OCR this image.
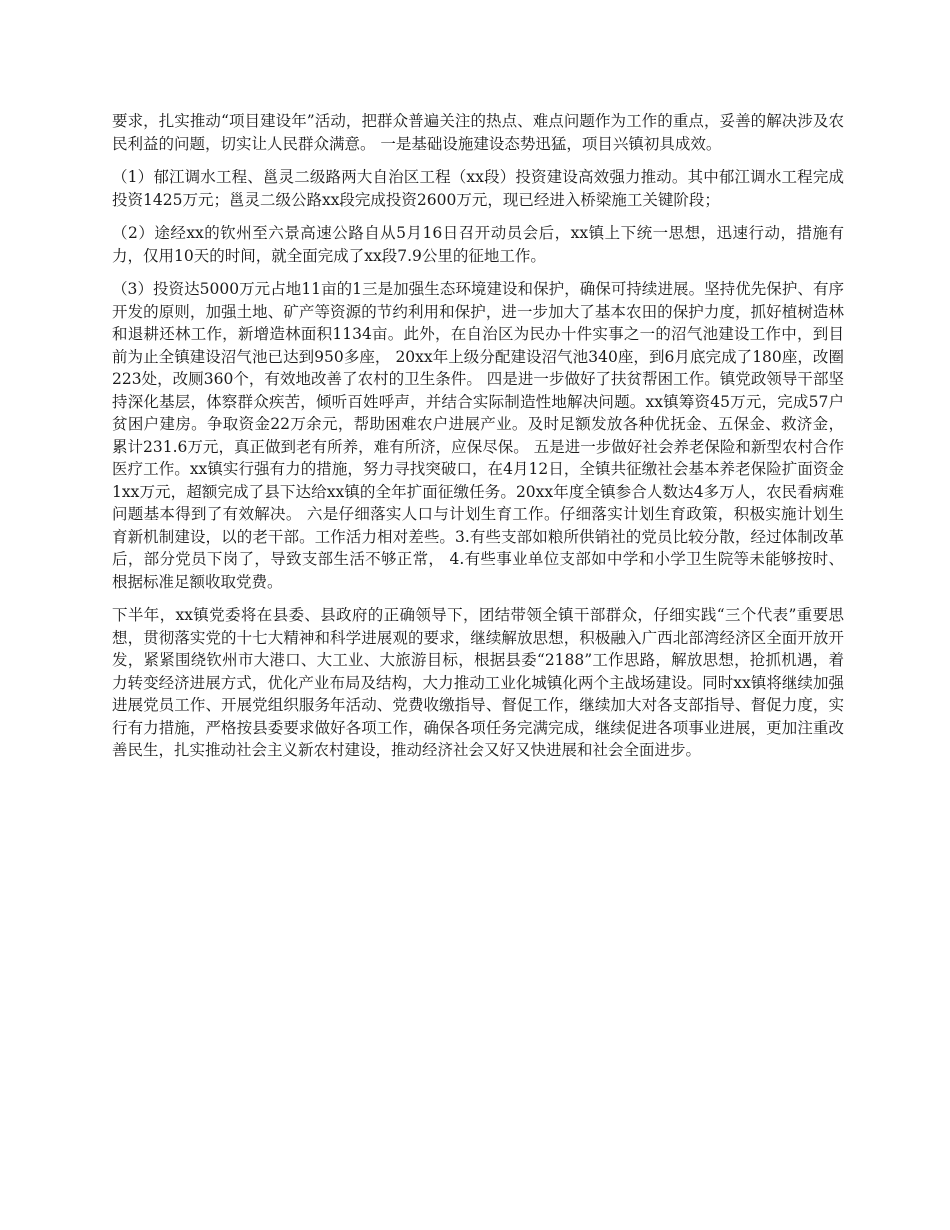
要求，扎实推动“项目建设年”活动，把群众普遍关注的热点、难点问题作为工作的重点，妥善的解决涉及农民利益的问题，切实让人民群众满意。 一是基础设施建设态势迅猛，项目兴镇初具成效。

（1）郁江调水工程、邕灵二级路两大自治区工程（xx段）投资建设高效强力推动。其中郁江调水工程完成投资1425万元；邕灵二级公路xx段完成投资2600万元，现已经进入桥梁施工关键阶段；

（2）途经xx的钦州至六景高速公路自从5月16日召开动员会后，xx镇上下统一思想，迅速行动，措施有力，仅用10天的时间，就全面完成了xx段7.9公里的征地工作。

（3）投资达5000万元占地11亩的1三是加强生态环境建设和保护，确保可持续进展。坚持优先保护、有序开发的原则，加强土地、矿产等资源的节约利用和保护，进一步加大了基本农田的保护力度，抓好植树造林和退耕还林工作，新增造林面积1134亩。此外，在自治区为民办十件实事之一的沼气池建设工作中，到目前为止全镇建设沼气池已达到950多座， 20xx年上级分配建设沼气池340座，到6月底完成了180座，改圈223处，改厕360个，有效地改善了农村的卫生条件。 四是进一步做好了扶贫帮困工作。镇党政领导干部坚持深化基层，体察群众疾苦，倾听百姓呼声，并结合实际制造性地解决问题。xx镇筹资45万元，完成57户贫困户建房。争取资金22万余元，帮助困难农户进展产业。及时足额发放各种优抚金、五保金、救济金，累计231.6万元，真正做到老有所养，难有所济，应保尽保。 五是进一步做好社会养老保险和新型农村合作医疗工作。xx镇实行强有力的措施，努力寻找突破口，在4月12日，全镇共征缴社会基本养老保险扩面资金1xx万元，超额完成了县下达给xx镇的全年扩面征缴任务。20xx年度全镇参合人数达4多万人，农民看病难问题基本得到了有效解决。 六是仔细落实人口与计划生育工作。仔细落实计划生育政策，积极实施计划生育新机制建设，以的老干部。工作活力相对差些。3.有些支部如粮所供销社的党员比较分散，经过体制改革后，部分党员下岗了，导致支部生活不够正常， 4.有些事业单位支部如中学和小学卫生院等未能够按时、根据标准足额收取党费。

下半年，xx镇党委将在县委、县政府的正确领导下，团结带领全镇干部群众，仔细实践“三个代表”重要思想，贯彻落实党的十七大精神和科学进展观的要求，继续解放思想，积极融入广西北部湾经济区全面开放开发，紧紧围绕钦州市大港口、大工业、大旅游目标，根据县委“2188”工作思路，解放思想，抢抓机遇，着力转变经济进展方式，优化产业布局及结构，大力推动工业化城镇化两个主战场建设。同时xx镇将继续加强进展党员工作、开展党组织服务年活动、党费收缴指导、督促工作，继续加大对各支部指导、督促力度，实行有力措施，严格按县委要求做好各项工作，确保各项任务完满完成，继续促进各项事业进展，更加注重改善民生，扎实推动社会主义新农村建设，推动经济社会又好又快进展和社会全面进步。
